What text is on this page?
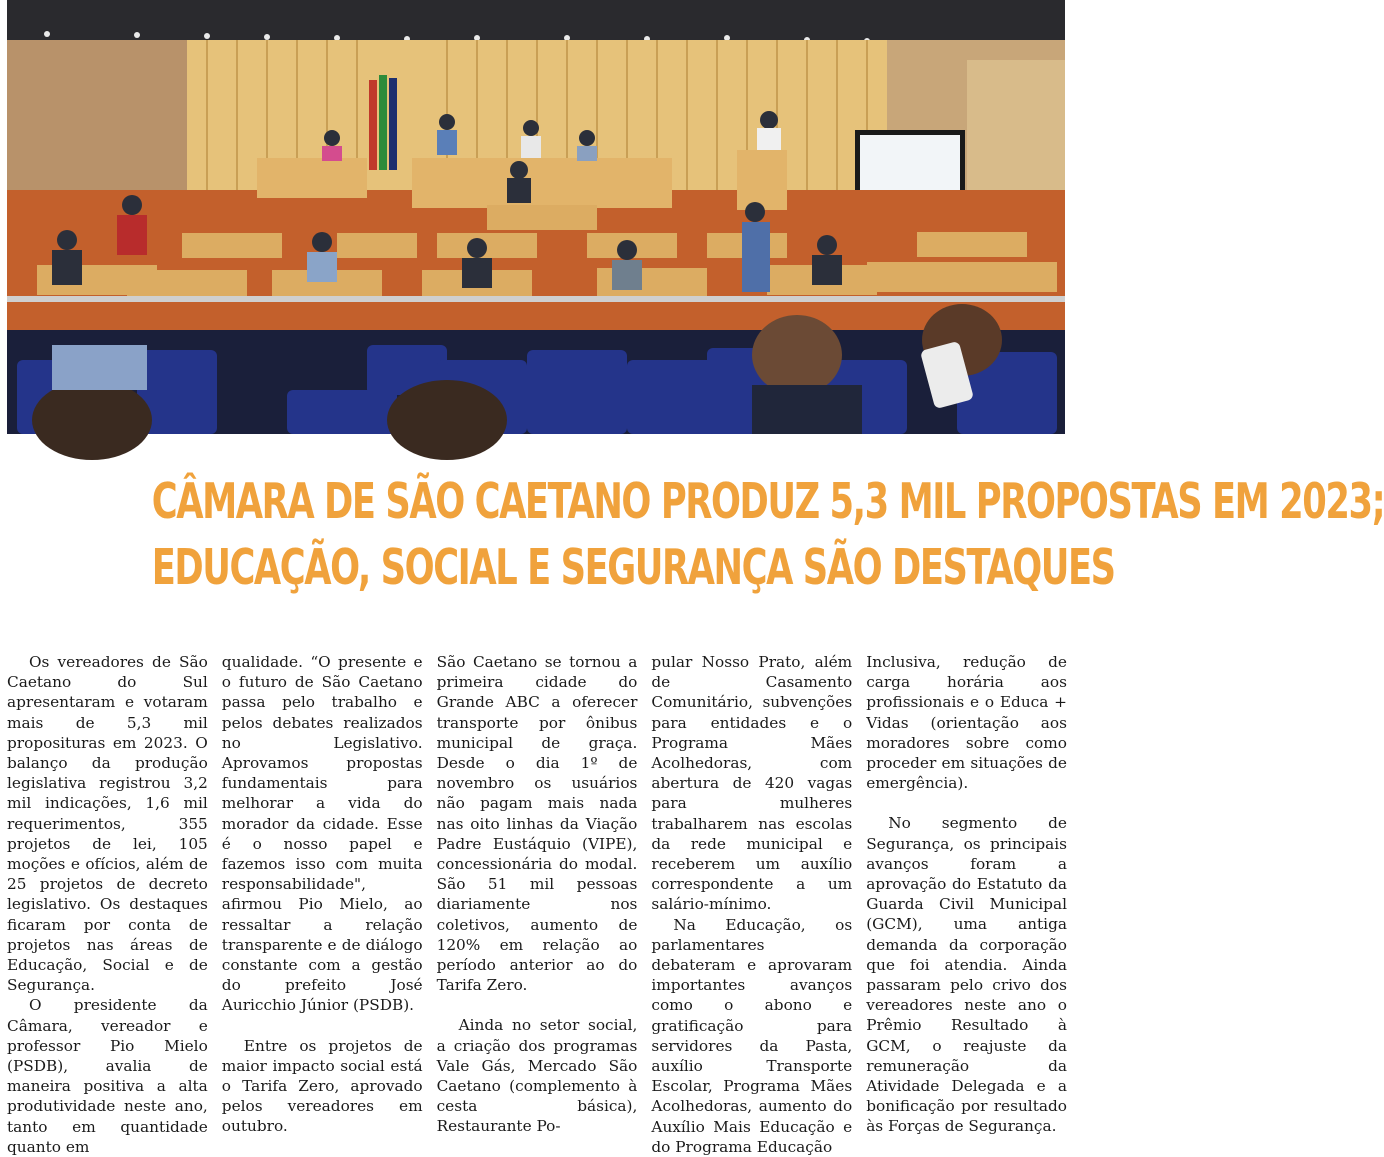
CÂMARA DE SÃO CAETANO PRODUZ 5,3 MIL PROPOSTAS EM 2023;
EDUCAÇÃO, SOCIAL E SEGURANÇA SÃO DESTAQUES

Os vereadores de São Caetano do Sul apresentaram e votaram mais de 5,3 mil proposituras em 2023. O balanço da produção legislativa registrou 3,2 mil indicações, 1,6 mil requerimentos, 355 projetos de lei, 105 moções e ofícios, além de 25 projetos de decreto legislativo. Os destaques ficaram por conta de projetos nas áreas de Educação, Social e de Segurança.

O presidente da Câmara, vereador e professor Pio Mielo (PSDB), avalia de maneira positiva a alta produtividade neste ano, tanto em quantidade quanto em

qualidade. “O presente e o futuro de São Caetano passa pelo trabalho e pelos debates realizados no Legislativo. Aprovamos propostas fundamentais para melhorar a vida do morador da cidade. Esse é o nosso papel e fazemos isso com muita responsabilidade", afirmou Pio Mielo, ao ressaltar a relação transparente e de diálogo constante com a gestão do prefeito José Auricchio Júnior (PSDB).

Entre os projetos de maior impacto social está o Tarifa Zero, aprovado pelos vereadores em outubro.

São Caetano se tornou a primeira cidade do Grande ABC a oferecer transporte por ônibus municipal de graça. Desde o dia 1º de novembro os usuários não pagam mais nada nas oito linhas da Viação Padre Eustáquio (VIPE), concessionária do modal. São 51 mil pessoas diariamente nos coletivos, aumento de 120% em relação ao período anterior ao do Tarifa Zero.

Ainda no setor social, a criação dos programas Vale Gás, Mercado São Caetano (complemento à cesta básica), Restaurante Po-

pular Nosso Prato, além de Casamento Comunitário, subvenções para entidades e o Programa Mães Acolhedoras, com abertura de 420 vagas para mulheres trabalharem nas escolas da rede municipal e receberem um auxílio correspondente a um salário-mínimo.

Na Educação, os parlamentares debateram e aprovaram importantes avanços como o abono e gratificação para servidores da Pasta, auxílio Transporte Escolar, Programa Mães Acolhedoras, aumento do Auxílio Mais Educação e do Programa Educação

Inclusiva, redução de carga horária aos profissionais e o Educa + Vidas (orientação aos moradores sobre como proceder em situações de emergência).

No segmento de Segurança, os principais avanços foram a aprovação do Estatuto da Guarda Civil Municipal (GCM), uma antiga demanda da corporação que foi atendia. Ainda passaram pelo crivo dos vereadores neste ano o Prêmio Resultado à GCM, o reajuste da remuneração da Atividade Delegada e a bonificação por resultado às Forças de Segurança.
